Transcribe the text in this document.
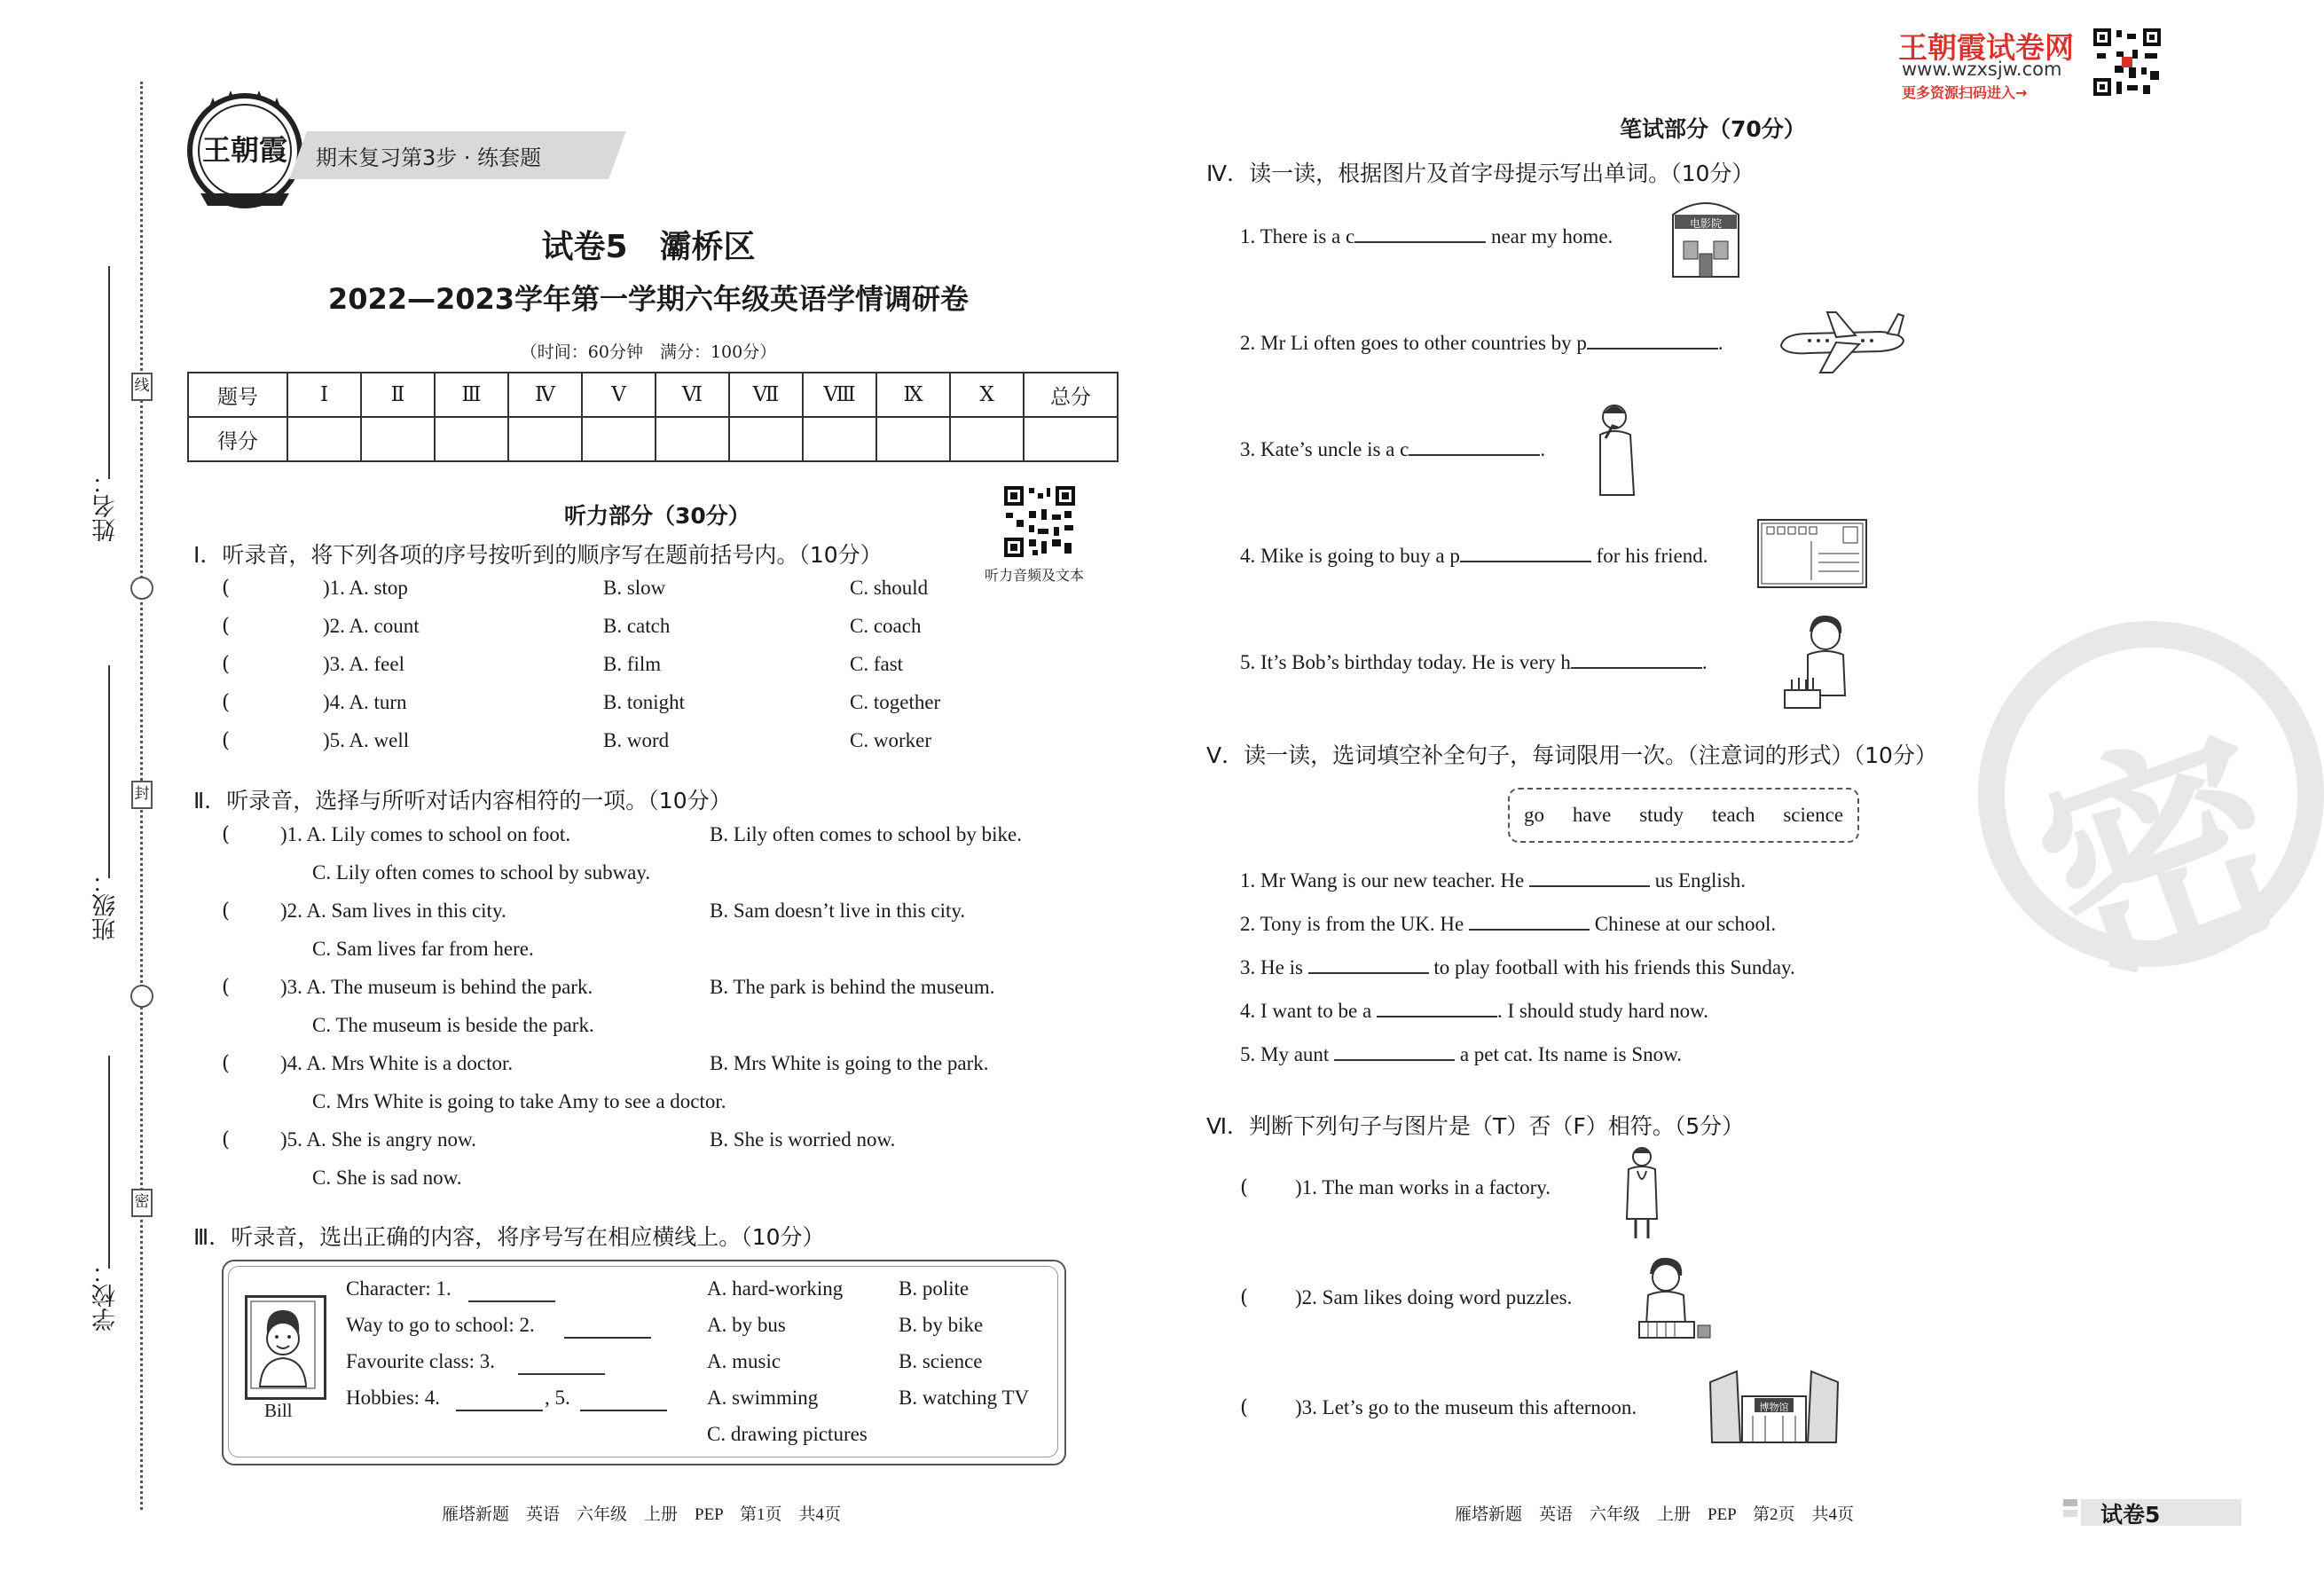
线
封
密
姓名：
班级：
学校：
王朝霞	期末复习第3步 · 练套题
试卷5　灞桥区
2022—2023学年第一学期六年级英语学情调研卷
（时间：60分钟　满分：100分）
题号	Ⅰ	Ⅱ	Ⅲ	Ⅳ	Ⅴ	Ⅵ	Ⅶ	Ⅷ	Ⅸ	Ⅹ	总分
得分											
听力部分（30分）
听力音频及文本
Ⅰ．听录音，将下列各项的序号按听到的顺序写在题前括号内。（10分）
(	)1. A. stop	B. slow	C. should
(	)2. A. count	B. catch	C. coach
(	)3. A. feel	B. film	C. fast
(	)4. A. turn	B. tonight	C. together
(	)5. A. well	B. word	C. worker
Ⅱ．听录音，选择与所听对话内容相符的一项。（10分）
( )1. A. Lily comes to school on foot.	B. Lily often comes to school by bike.
C. Lily often comes to school by subway.
( )2. A. Sam lives in this city.	B. Sam doesn’t live in this city.
C. Sam lives far from here.
( )3. A. The museum is behind the park.	B. The park is behind the museum.
C. The museum is beside the park.
( )4. A. Mrs White is a doctor.	B. Mrs White is going to the park.
C. Mrs White is going to take Amy to see a doctor.
( )5. A. She is angry now.	B. She is worried now.
C. She is sad now.
Ⅲ．听录音，选出正确的内容，将序号写在相应横线上。（10分）
Bill
Character: 1.	A. hard-working	B. polite
Way to go to school: 2.	A. by bus	B. by bike
Favourite class: 3.	A. music	B. science
Hobbies: 4.	, 5.	A. swimming	B. watching TV
C. drawing pictures
雁塔新题　英语　六年级　上册　PEP　第1页　共4页
王朝霞试卷网
www.wzxsjw.com
更多资源扫码进入→
密
笔试部分（70分）
Ⅳ．读一读，根据图片及首字母提示写出单词。（10分）
1. There is a c	near my home.
电影院
2. Mr Li often goes to other countries by p	.
3. Kate’s uncle is a c	.
4. Mike is going to buy a p	for his friend.
5. It’s Bob’s birthday today. He is very h	.
Ⅴ．读一读，选词填空补全句子，每词限用一次。（注意词的形式）（10分）
go have study teach science
1. Mr Wang is our new teacher. He	us English.
2. Tony is from the UK. He	Chinese at our school.
3. He is	to play football with his friends this Sunday.
4. I want to be a	. I should study hard now.
5. My aunt	a pet cat. Its name is Snow.
Ⅵ．判断下列句子与图片是（T）否（F）相符。（5分）
( )1. The man works in a factory.
( )2. Sam likes doing word puzzles.
( )3. Let’s go to the museum this afternoon.	博物馆
雁塔新题　英语　六年级　上册　PEP　第2页　共4页	试卷5
